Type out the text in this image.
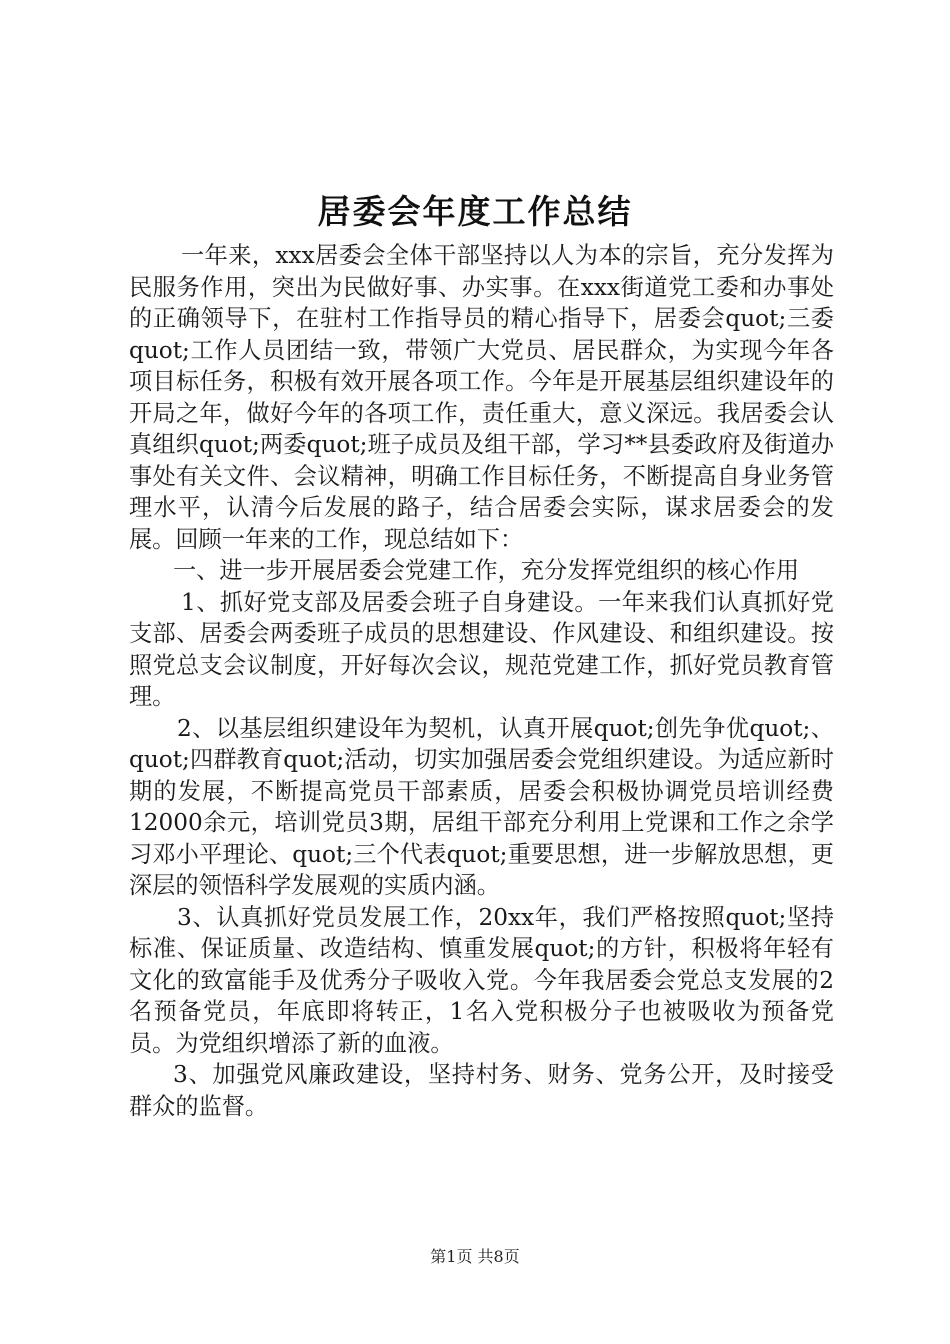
居委会年度工作总结

一年来，xxx居委会全体干部坚持以人为本的宗旨，充分发挥为民服务作用，突出为民做好事、办实事。在xxx街道党工委和办事处的正确领导下，在驻村工作指导员的精心指导下，居委会quot;三委quot;工作人员团结一致，带领广大党员、居民群众，为实现今年各项目标任务，积极有效开展各项工作。今年是开展基层组织建设年的开局之年，做好今年的各项工作，责任重大，意义深远。我居委会认真组织quot;两委quot;班子成员及组干部，学习**县委政府及街道办事处有关文件、会议精神，明确工作目标任务，不断提高自身业务管理水平，认清今后发展的路子，结合居委会实际，谋求居委会的发展。回顾一年来的工作，现总结如下：

一、进一步开展居委会党建工作，充分发挥党组织的核心作用

1、抓好党支部及居委会班子自身建设。一年来我们认真抓好党支部、居委会两委班子成员的思想建设、作风建设、和组织建设。按照党总支会议制度，开好每次会议，规范党建工作，抓好党员教育管理。

2、以基层组织建设年为契机，认真开展quot;创先争优quot;、quot;四群教育quot;活动，切实加强居委会党组织建设。为适应新时期的发展，不断提高党员干部素质，居委会积极协调党员培训经费12000余元，培训党员3期，居组干部充分利用上党课和工作之余学习邓小平理论、quot;三个代表quot;重要思想，进一步解放思想，更深层的领悟科学发展观的实质内涵。

3、认真抓好党员发展工作，20xx年，我们严格按照quot;坚持标准、保证质量、改造结构、慎重发展quot;的方针，积极将年轻有文化的致富能手及优秀分子吸收入党。今年我居委会党总支发展的2名预备党员，年底即将转正，1名入党积极分子也被吸收为预备党员。为党组织增添了新的血液。

3、加强党风廉政建设，坚持村务、财务、党务公开，及时接受群众的监督。

第1页 共8页
